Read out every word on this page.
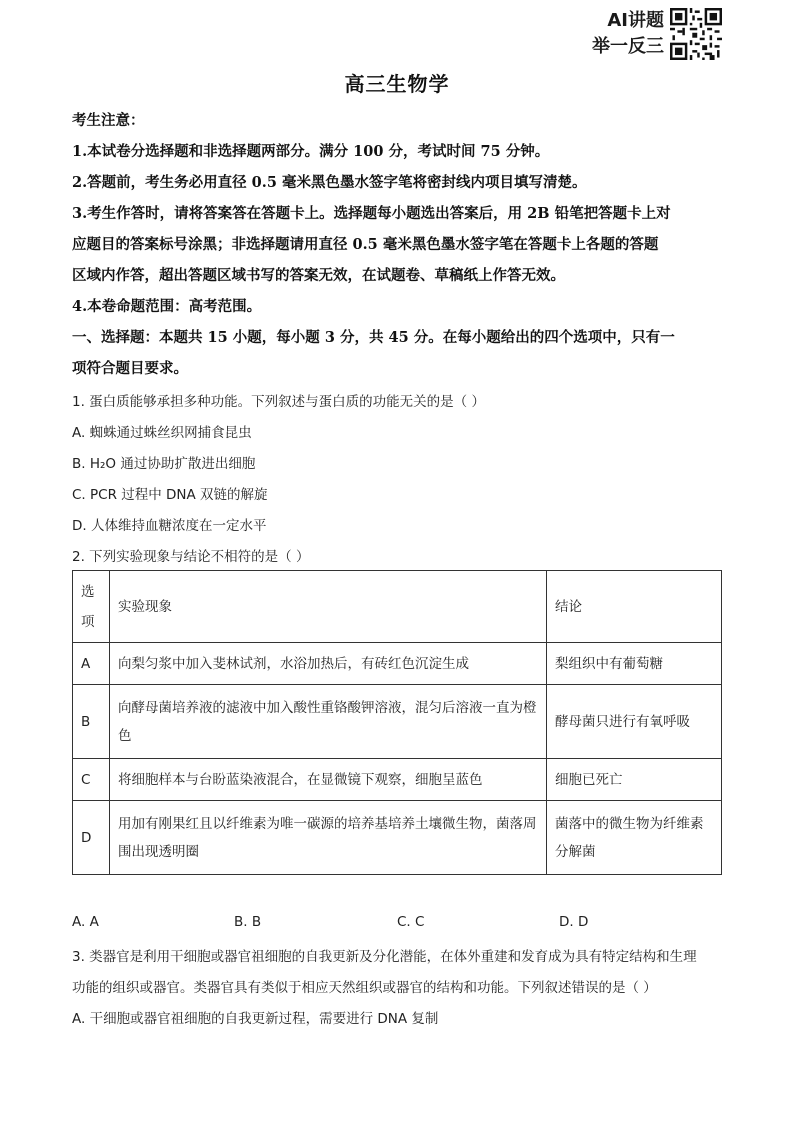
AI讲题
举一反三
高三生物学
考生注意：
1.本试卷分选择题和非选择题两部分。满分 100 分，考试时间 75 分钟。
2.答题前，考生务必用直径 0.5 毫米黑色墨水签字笔将密封线内项目填写清楚。
3.考生作答时，请将答案答在答题卡上。选择题每小题选出答案后，用 2B 铅笔把答题卡上对
应题目的答案标号涂黑；非选择题请用直径 0.5 毫米黑色墨水签字笔在答题卡上各题的答题
区域内作答，超出答题区域书写的答案无效，在试题卷、草稿纸上作答无效。
4.本卷命题范围：高考范围。
一、选择题：本题共 15 小题，每小题 3 分，共 45 分。在每小题给出的四个选项中，只有一
项符合题目要求。
1. 蛋白质能够承担多种功能。下列叙述与蛋白质的功能无关的是（ ）
A. 蜘蛛通过蛛丝织网捕食昆虫
B. H₂O 通过协助扩散进出细胞
C. PCR 过程中 DNA 双链的解旋
D. 人体维持血糖浓度在一定水平
2. 下列实验现象与结论不相符的是（ ）
选项	实验现象	结论
A	向梨匀浆中加入斐林试剂，水浴加热后，有砖红色沉淀生成	梨组织中有葡萄糖
B	向酵母菌培养液的滤液中加入酸性重铬酸钾溶液，混匀后溶液一直为橙色	酵母菌只进行有氧呼吸
C	将细胞样本与台盼蓝染液混合，在显微镜下观察，细胞呈蓝色	细胞已死亡
D	用加有刚果红且以纤维素为唯一碳源的培养基培养土壤微生物，菌落周围出现透明圈	菌落中的微生物为纤维素分解菌
A. A	B. B	C. C	D. D
3. 类器官是利用干细胞或器官祖细胞的自我更新及分化潜能，在体外重建和发育成为具有特定结构和生理
功能的组织或器官。类器官具有类似于相应天然组织或器官的结构和功能。下列叙述错误的是（ ）
A. 干细胞或器官祖细胞的自我更新过程，需要进行 DNA 复制
